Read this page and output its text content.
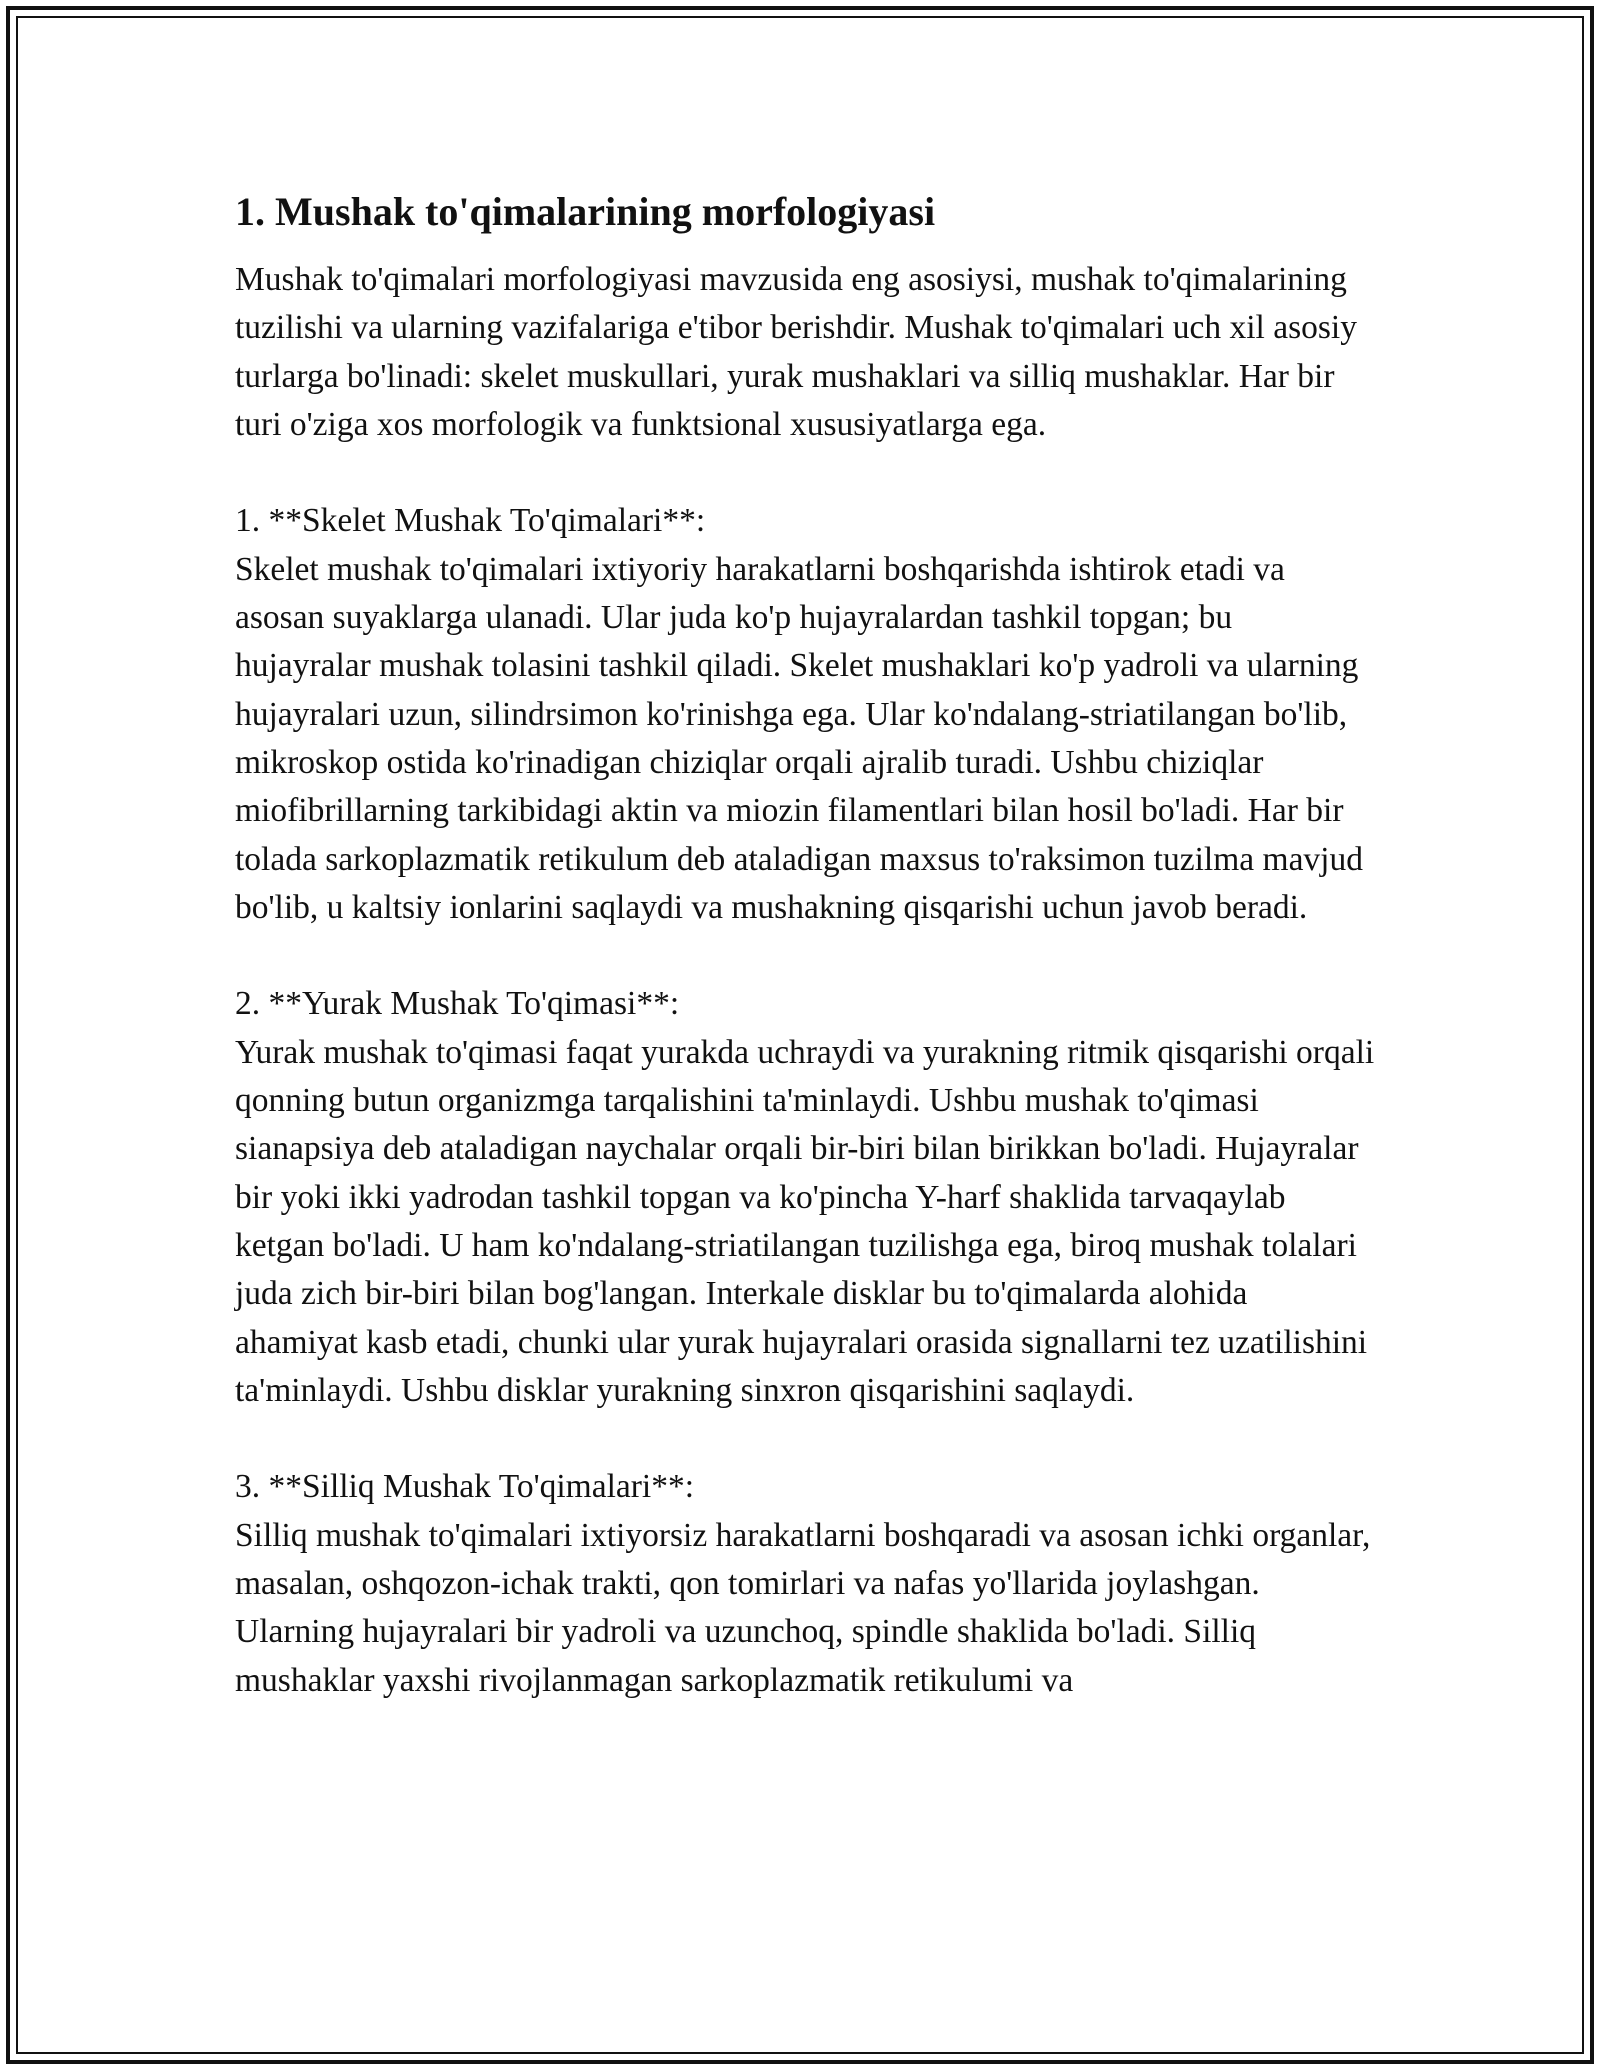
1. Mushak to'qimalarining morfologiyasi

Mushak to'qimalari morfologiyasi mavzusida eng asosiysi, mushak to'qimalarining tuzilishi va ularning vazifalariga e'tibor berishdir. Mushak to'qimalari uch xil asosiy turlarga bo'linadi: skelet muskullari, yurak mushaklari va silliq mushaklar. Har bir turi o'ziga xos morfologik va funktsional xususiyatlarga ega.

1. **Skelet Mushak To'qimalari**:

Skelet mushak to'qimalari ixtiyoriy harakatlarni boshqarishda ishtirok etadi va asosan suyaklarga ulanadi. Ular juda ko'p hujayralardan tashkil topgan; bu hujayralar mushak tolasini tashkil qiladi. Skelet mushaklari ko'p yadroli va ularning hujayralari uzun, silindrsimon ko'rinishga ega. Ular ko'ndalang-striatilangan bo'lib, mikroskop ostida ko'rinadigan chiziqlar orqali ajralib turadi. Ushbu chiziqlar miofibrillarning tarkibidagi aktin va miozin filamentlari bilan hosil bo'ladi. Har bir tolada sarkoplazmatik retikulum deb ataladigan maxsus to'raksimon tuzilma mavjud bo'lib, u kaltsiy ionlarini saqlaydi va mushakning qisqarishi uchun javob beradi.

2. **Yurak Mushak To'qimasi**:

Yurak mushak to'qimasi faqat yurakda uchraydi va yurakning ritmik qisqarishi orqali qonning butun organizmga tarqalishini ta'minlaydi. Ushbu mushak to'qimasi sianapsiya deb ataladigan naychalar orqali bir-biri bilan birikkan bo'ladi. Hujayralar bir yoki ikki yadrodan tashkil topgan va ko'pincha Y-harf shaklida tarvaqaylab ketgan bo'ladi. U ham ko'ndalang-striatilangan tuzilishga ega, biroq mushak tolalari juda zich bir-biri bilan bog'langan. Interkale disklar bu to'qimalarda alohida ahamiyat kasb etadi, chunki ular yurak hujayralari orasida signallarni tez uzatilishini ta'minlaydi. Ushbu disklar yurakning sinxron qisqarishini saqlaydi.

3. **Silliq Mushak To'qimalari**:

Silliq mushak to'qimalari ixtiyorsiz harakatlarni boshqaradi va asosan ichki organlar, masalan, oshqozon-ichak trakti, qon tomirlari va nafas yo'llarida joylashgan. Ularning hujayralari bir yadroli va uzunchoq, spindle shaklida bo'ladi. Silliq mushaklar yaxshi rivojlanmagan sarkoplazmatik retikulumi va
